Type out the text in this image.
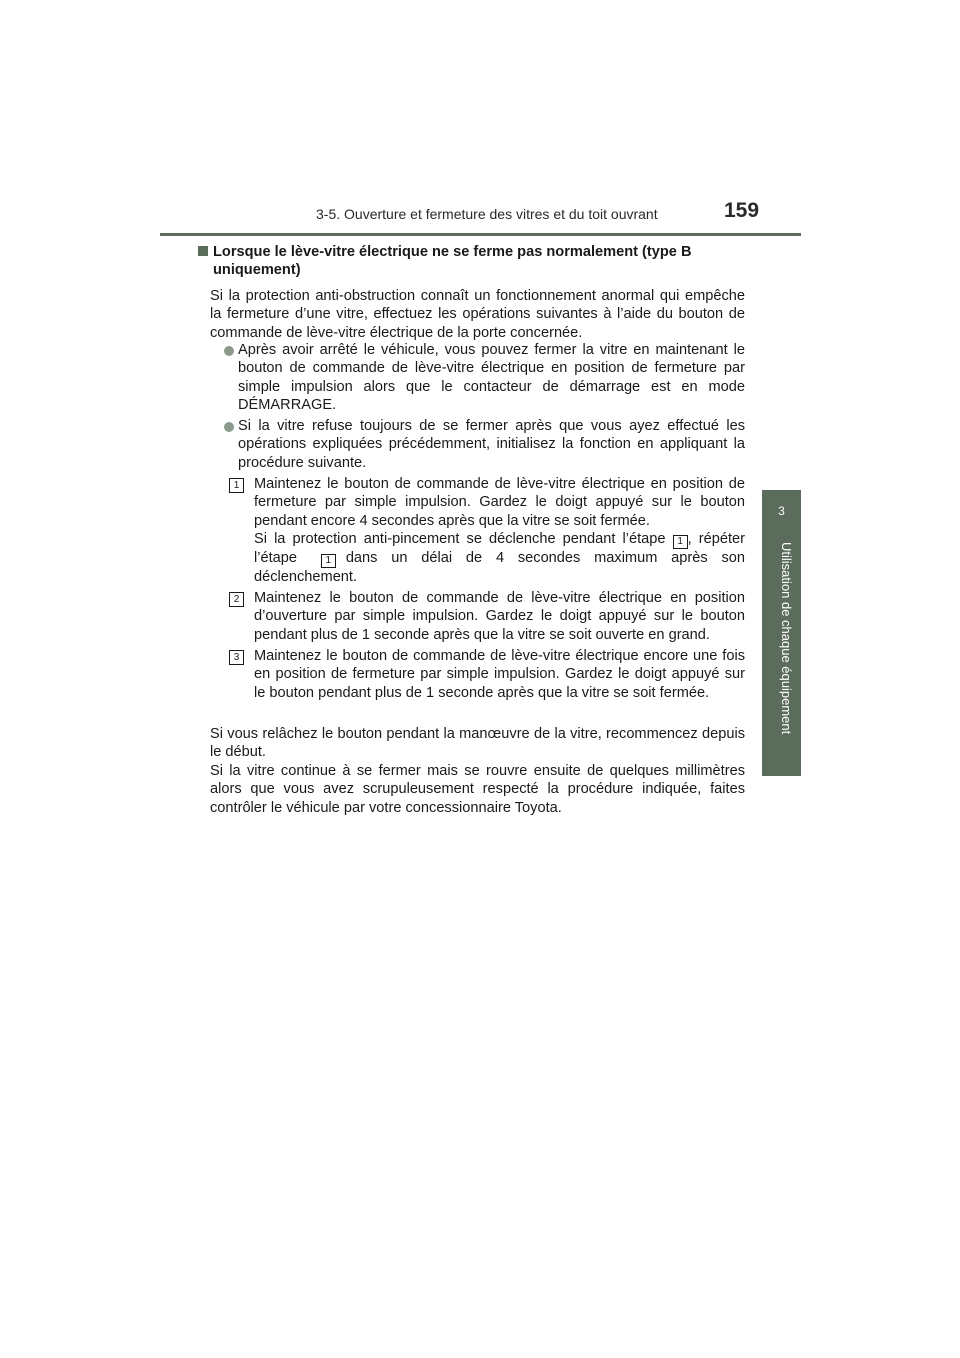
3-5. Ouverture et fermeture des vitres et du toit ouvrant	159
3
Utilisation de chaque équipement
Lorsque le lève-vitre électrique ne se ferme pas normalement (type B
uniquement)

Si la protection anti-obstruction connaît un fonctionnement anormal qui empêche la fermeture d’une vitre, effectuez les opérations suivantes à l’aide du bouton de commande de lève-vitre électrique de la porte concernée.

Après avoir arrêté le véhicule, vous pouvez fermer la vitre en maintenant le bouton de commande de lève-vitre électrique en position de fermeture par simple impulsion alors que le contacteur de démarrage est en mode DÉMARRAGE.

Si la vitre refuse toujours de se fermer après que vous ayez effectué les opérations expliquées précédemment, initialisez la fonction en appliquant la procédure suivante.

1	Maintenez le bouton de commande de lève-vitre électrique en position de fermeture par simple impulsion. Gardez le doigt appuyé sur le bouton pendant encore 4 secondes après que la vitre se soit fermée.

Si la protection anti-pincement se déclenche pendant l’étape 1 , répéter l’étape	1 dans un délai de 4 secondes maximum après son déclenchement.

2	Maintenez le bouton de commande de lève-vitre électrique en position d’ouverture par simple impulsion. Gardez le doigt appuyé sur le bouton pendant plus de 1 seconde après que la vitre se soit ouverte en grand.

3	Maintenez le bouton de commande de lève-vitre électrique encore une fois en position de fermeture par simple impulsion. Gardez le doigt appuyé sur le bouton pendant plus de 1 seconde après que la vitre se soit fermée.

Si vous relâchez le bouton pendant la manœuvre de la vitre, recommencez depuis le début.

Si la vitre continue à se fermer mais se rouvre ensuite de quelques millimètres alors que vous avez scrupuleusement respecté la procédure indiquée, faites contrôler le véhicule par votre concessionnaire Toyota.
